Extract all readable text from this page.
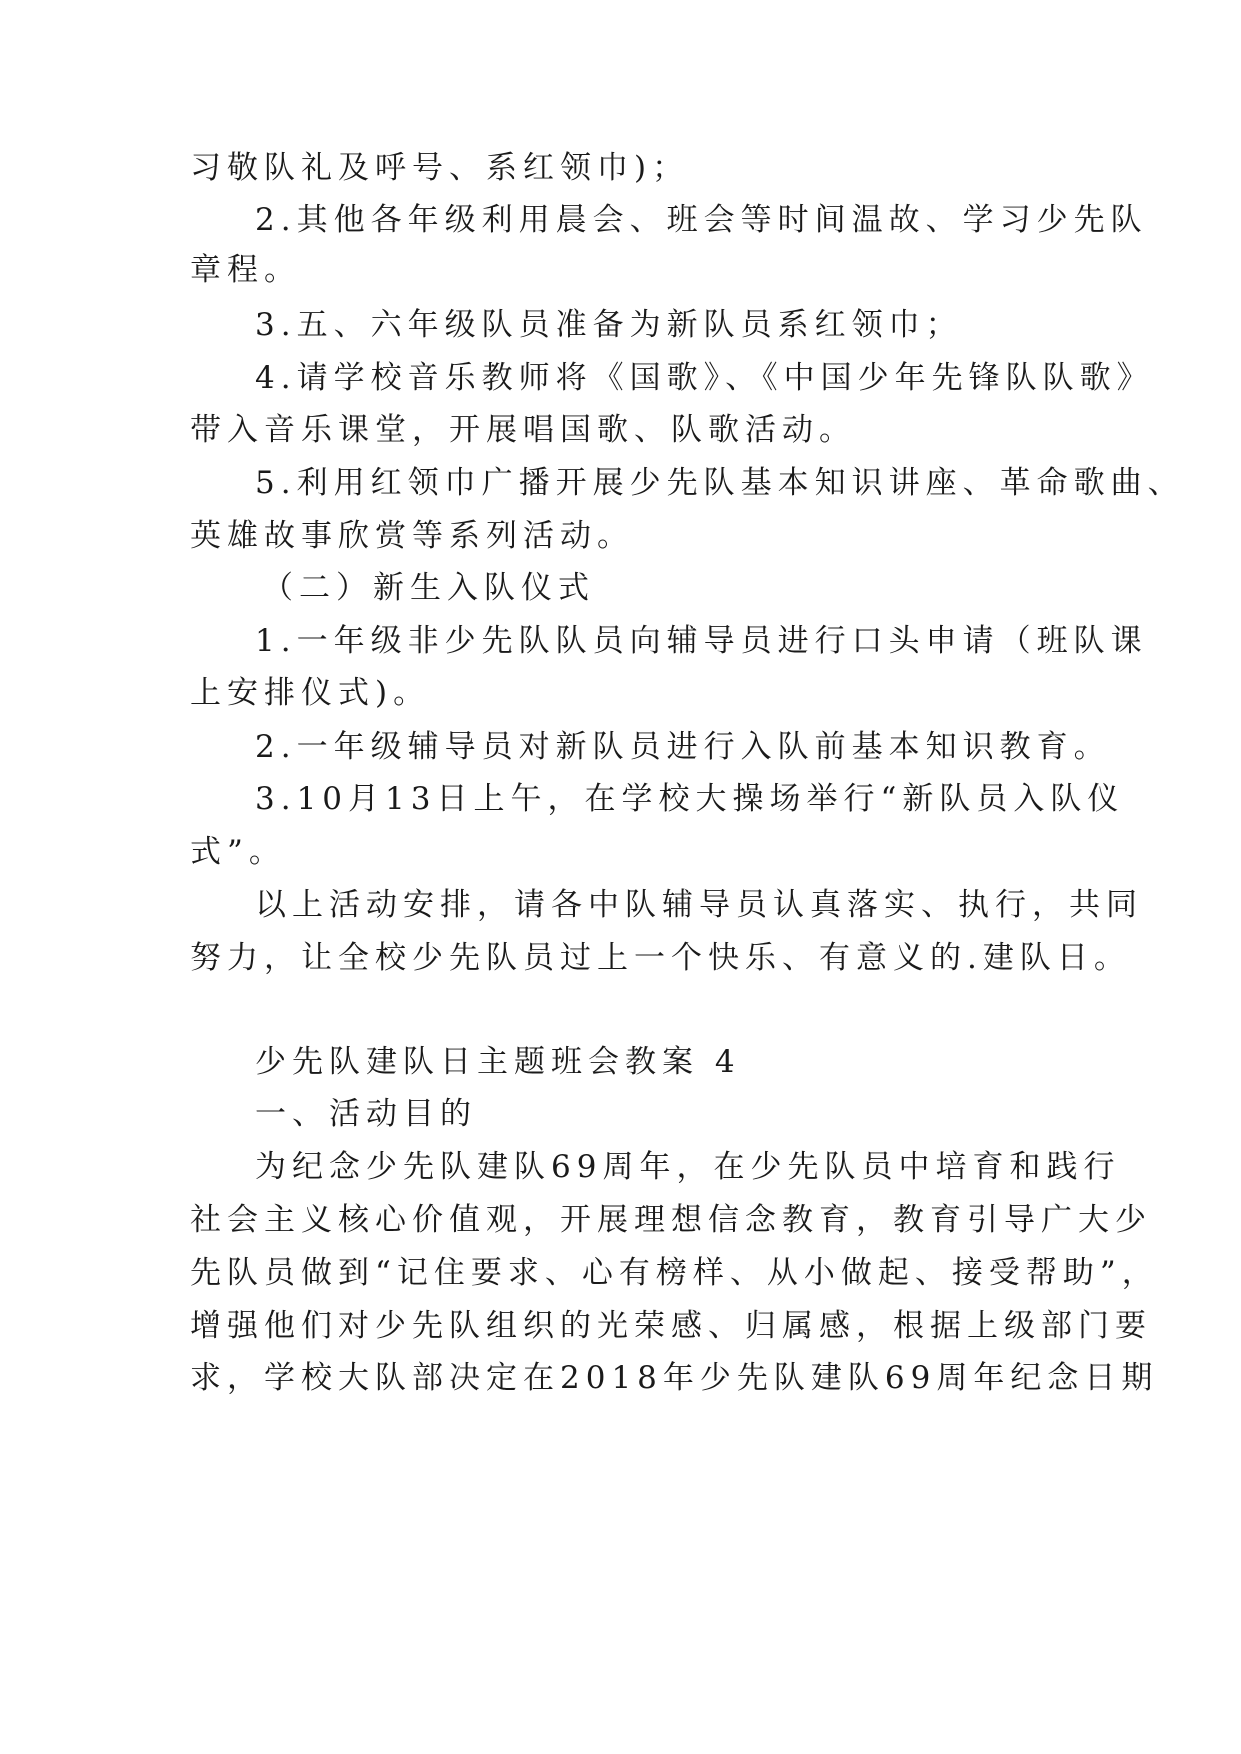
习敬队礼及呼号、系红领巾)；
2.其他各年级利用晨会、班会等时间温故、学习少先队
章程。
3.五、六年级队员准备为新队员系红领巾；
4.请学校音乐教师将《国歌》、《中国少年先锋队队歌》
带入音乐课堂，开展唱国歌、队歌活动。
5.利用红领巾广播开展少先队基本知识讲座、革命歌曲、
英雄故事欣赏等系列活动。
（二）新生入队仪式
1.一年级非少先队队员向辅导员进行口头申请（班队课
上安排仪式)。
2.一年级辅导员对新队员进行入队前基本知识教育。
3.10月13日上午，在学校大操场举行“新队员入队仪
式”。
以上活动安排，请各中队辅导员认真落实、执行，共同
努力，让全校少先队员过上一个快乐、有意义的.建队日。
少先队建队日主题班会教案 4
一、活动目的
为纪念少先队建队69周年，在少先队员中培育和践行
社会主义核心价值观，开展理想信念教育，教育引导广大少
先队员做到“记住要求、心有榜样、从小做起、接受帮助”，
增强他们对少先队组织的光荣感、归属感，根据上级部门要
求，学校大队部决定在2018年少先队建队69周年纪念日期
